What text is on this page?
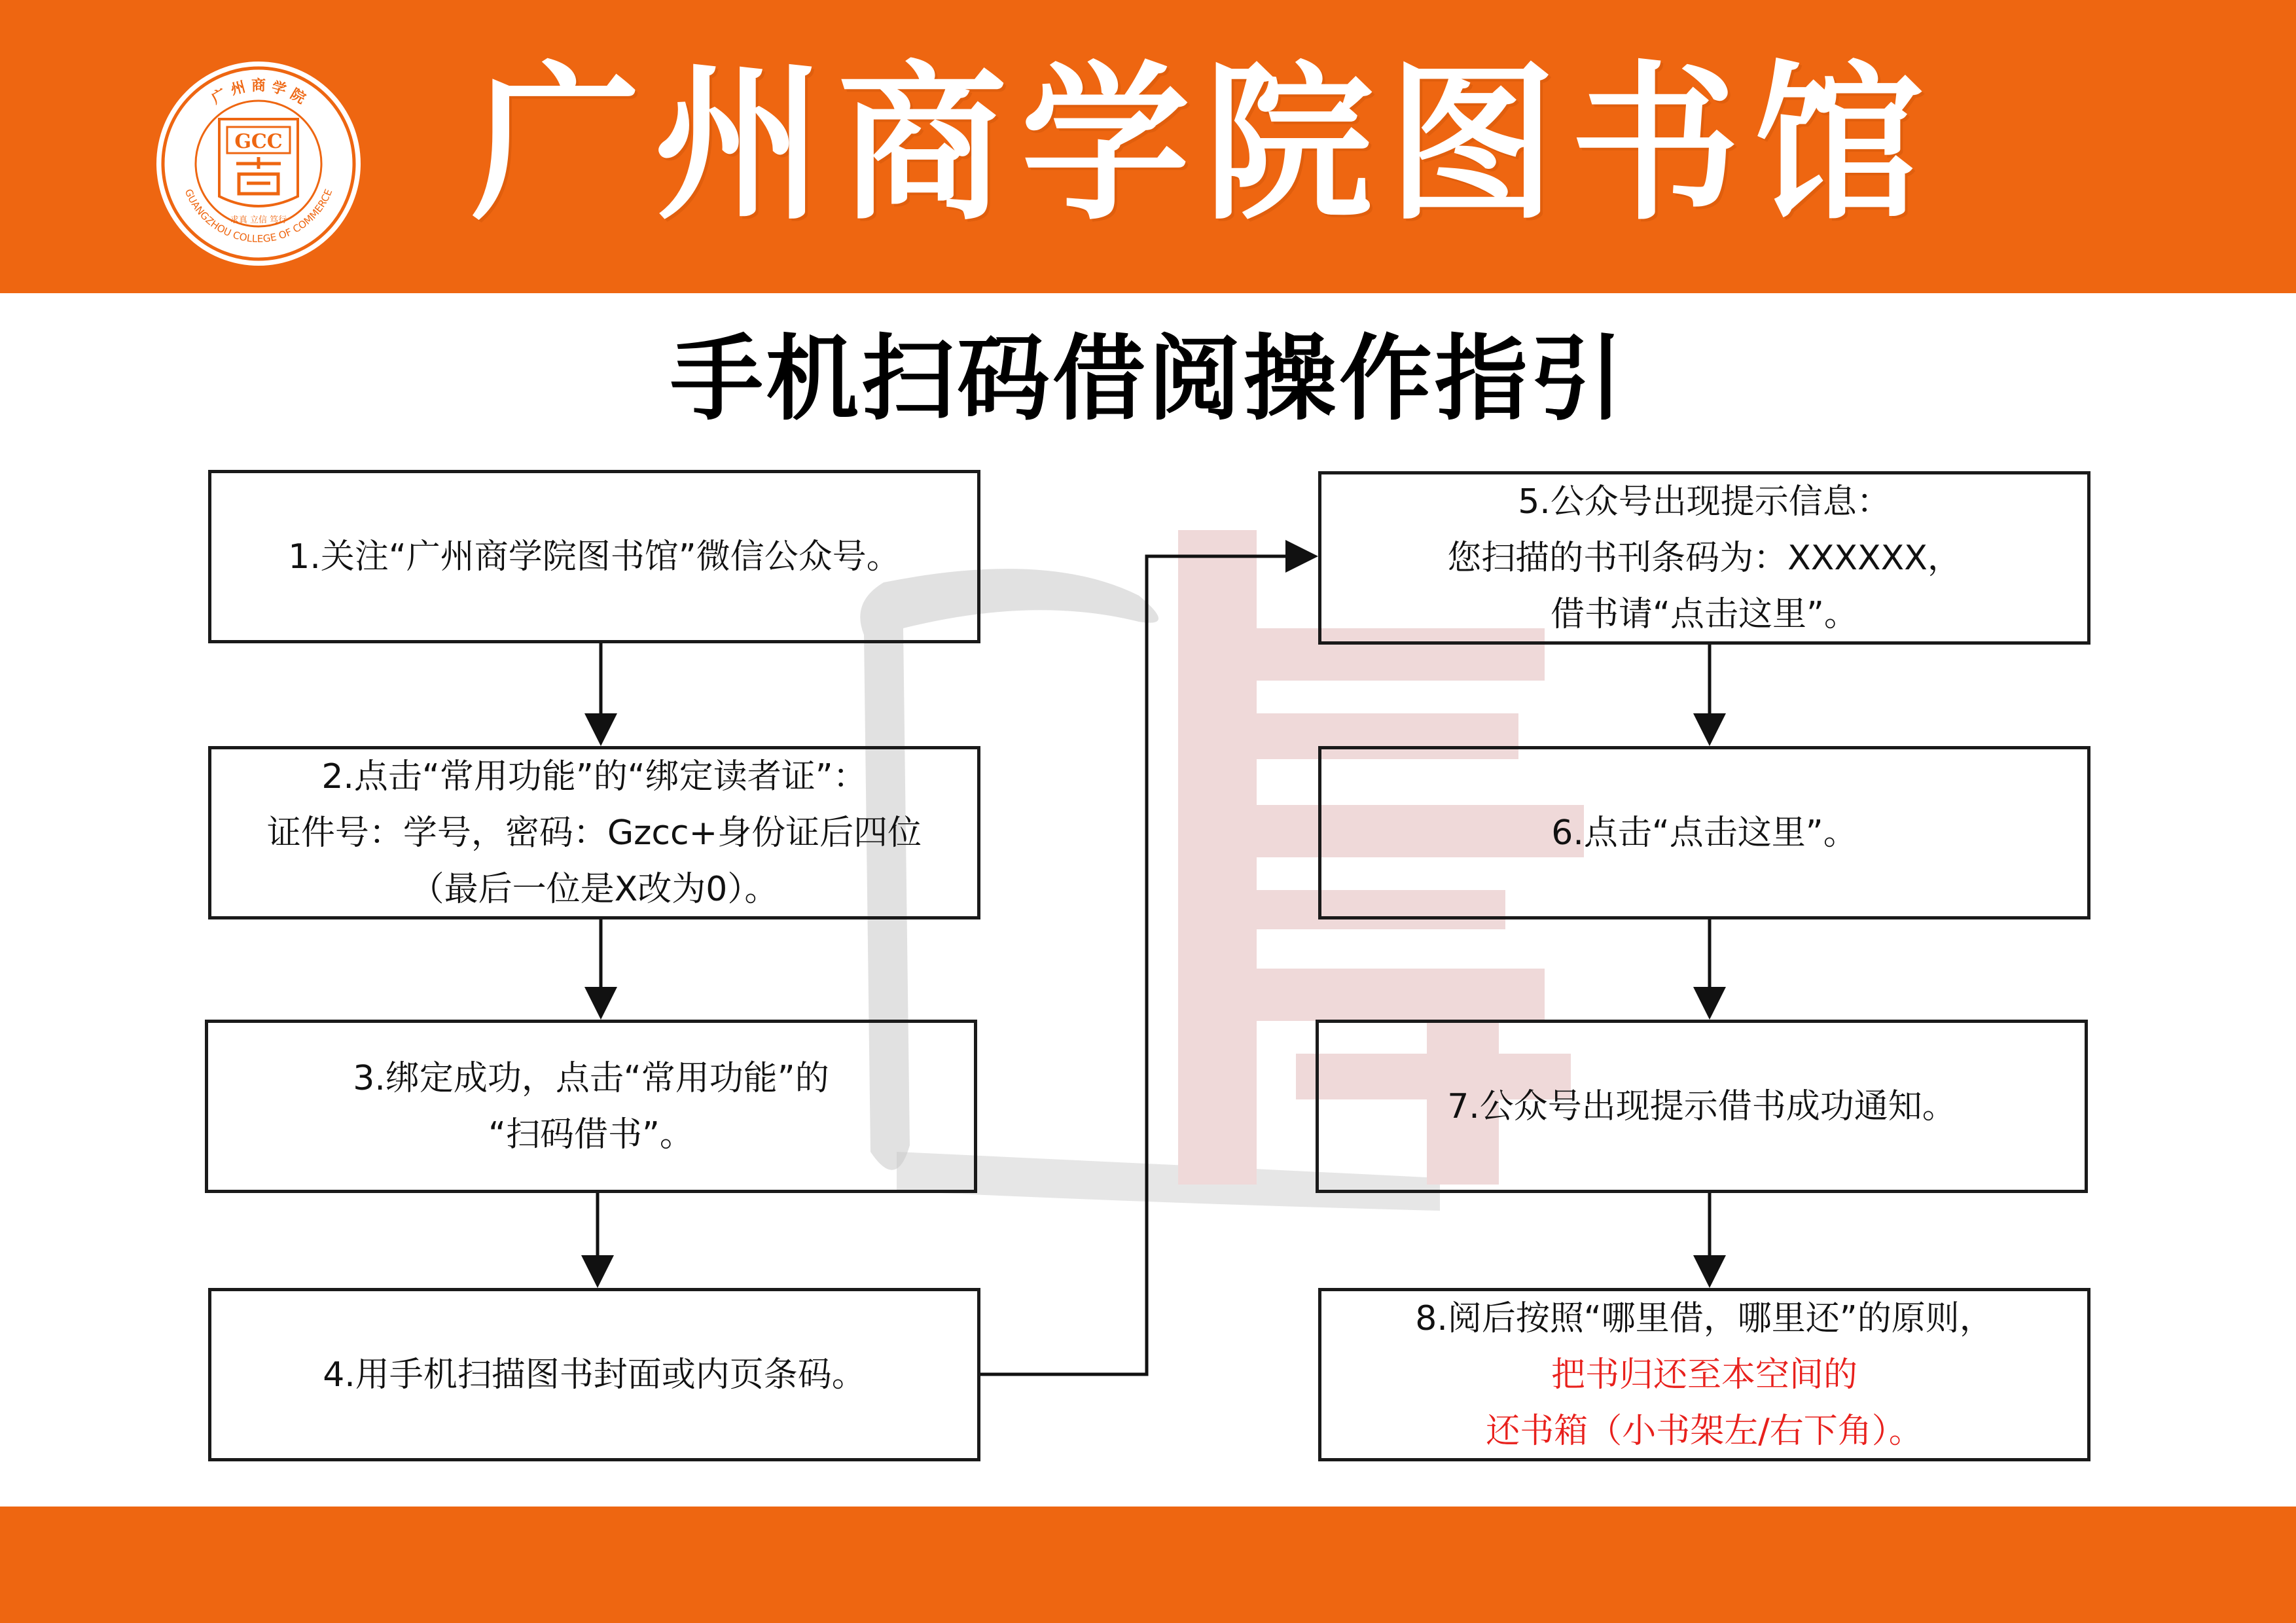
广 州 商 学 院
GUANGZHOU COLLEGE OF COMMERCE
GCC
求真 立信 笃行 广州商学院图书馆
手机扫码借阅操作指引
1.关注“广州商学院图书馆”微信公众号。
2.点击“常用功能”的“绑定读者证”：
证件号：学号，密码：Gzcc+身份证后四位
（最后一位是X改为0）。
3.绑定成功，点击“常用功能”的
“扫码借书”。
4.用手机扫描图书封面或内页条码。
5.公众号出现提示信息：
您扫描的书刊条码为：XXXXXX，
借书请“点击这里”。
6.点击“点击这里”。
7.公众号出现提示借书成功通知。
8.阅后按照“哪里借，哪里还”的原则，
把书归还至本空间的
还书箱（小书架左/右下角）。
